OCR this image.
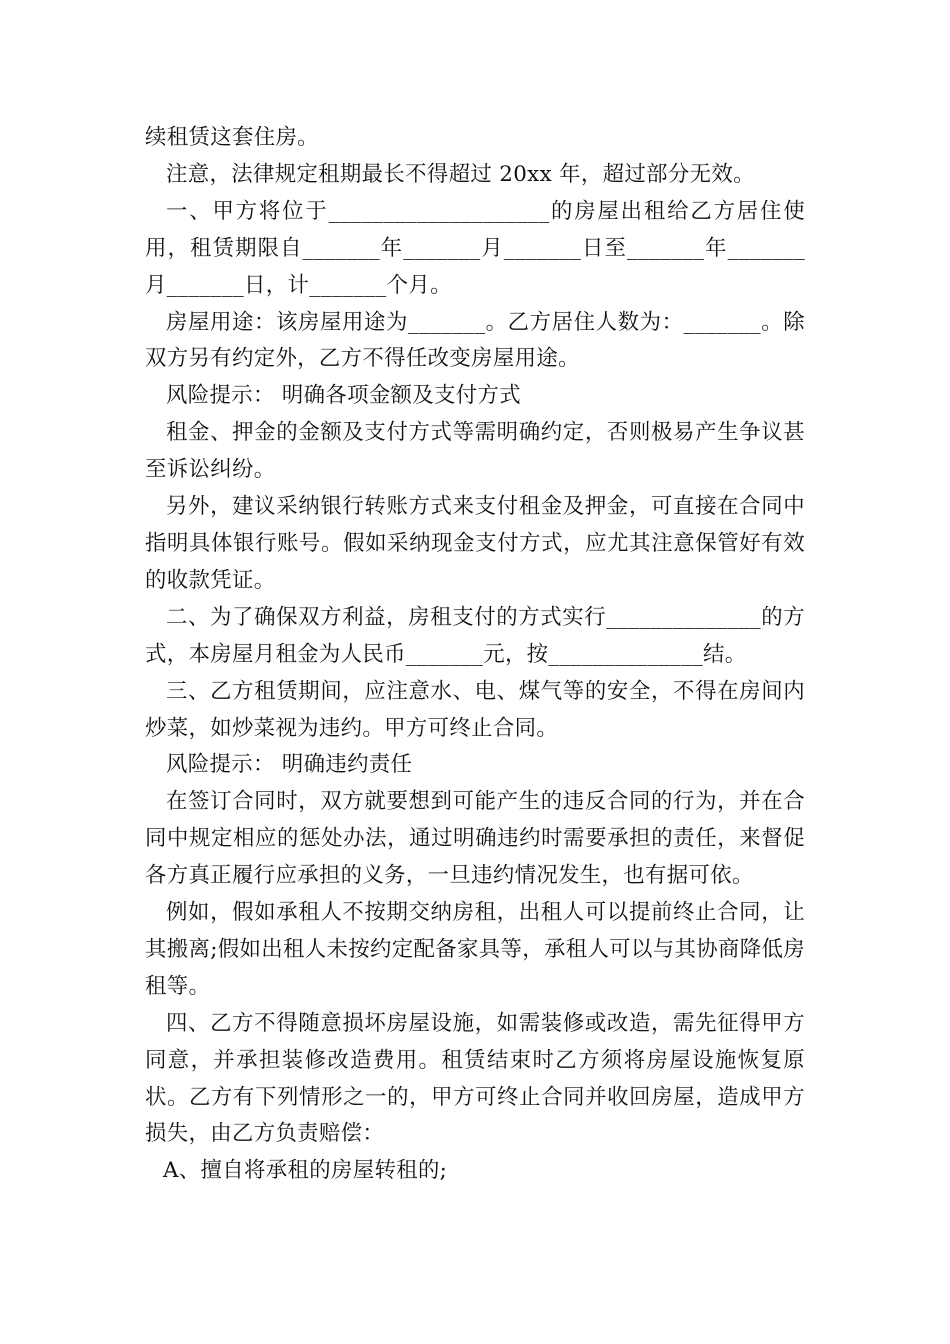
续租赁这套住房。

注意，法律规定租期最长不得超过 20xx 年，超过部分无效。

一、甲方将位于____________________的房屋出租给乙方居住使用，租赁期限自_______年_______月_______日至_______年_______月_______日，计_______个月。

房屋用途：该房屋用途为_______。乙方居住人数为：_______。除双方另有约定外，乙方不得任改变房屋用途。

风险提示： 明确各项金额及支付方式

租金、押金的金额及支付方式等需明确约定，否则极易产生争议甚至诉讼纠纷。

另外，建议采纳银行转账方式来支付租金及押金，可直接在合同中指明具体银行账号。假如采纳现金支付方式，应尤其注意保管好有效的收款凭证。

二、为了确保双方利益，房租支付的方式实行______________的方式，本房屋月租金为人民币_______元，按______________结。

三、乙方租赁期间，应注意水、电、煤气等的安全，不得在房间内炒菜，如炒菜视为违约。甲方可终止合同。

风险提示： 明确违约责任

在签订合同时，双方就要想到可能产生的违反合同的行为，并在合同中规定相应的惩处办法，通过明确违约时需要承担的责任，来督促各方真正履行应承担的义务，一旦违约情况发生，也有据可依。

例如，假如承租人不按期交纳房租，出租人可以提前终止合同，让其搬离;假如出租人未按约定配备家具等，承租人可以与其协商降低房租等。

四、乙方不得随意损坏房屋设施，如需装修或改造，需先征得甲方同意，并承担装修改造费用。租赁结束时乙方须将房屋设施恢复原状。乙方有下列情形之一的，甲方可终止合同并收回房屋，造成甲方损失，由乙方负责赔偿：

A、擅自将承租的房屋转租的;
